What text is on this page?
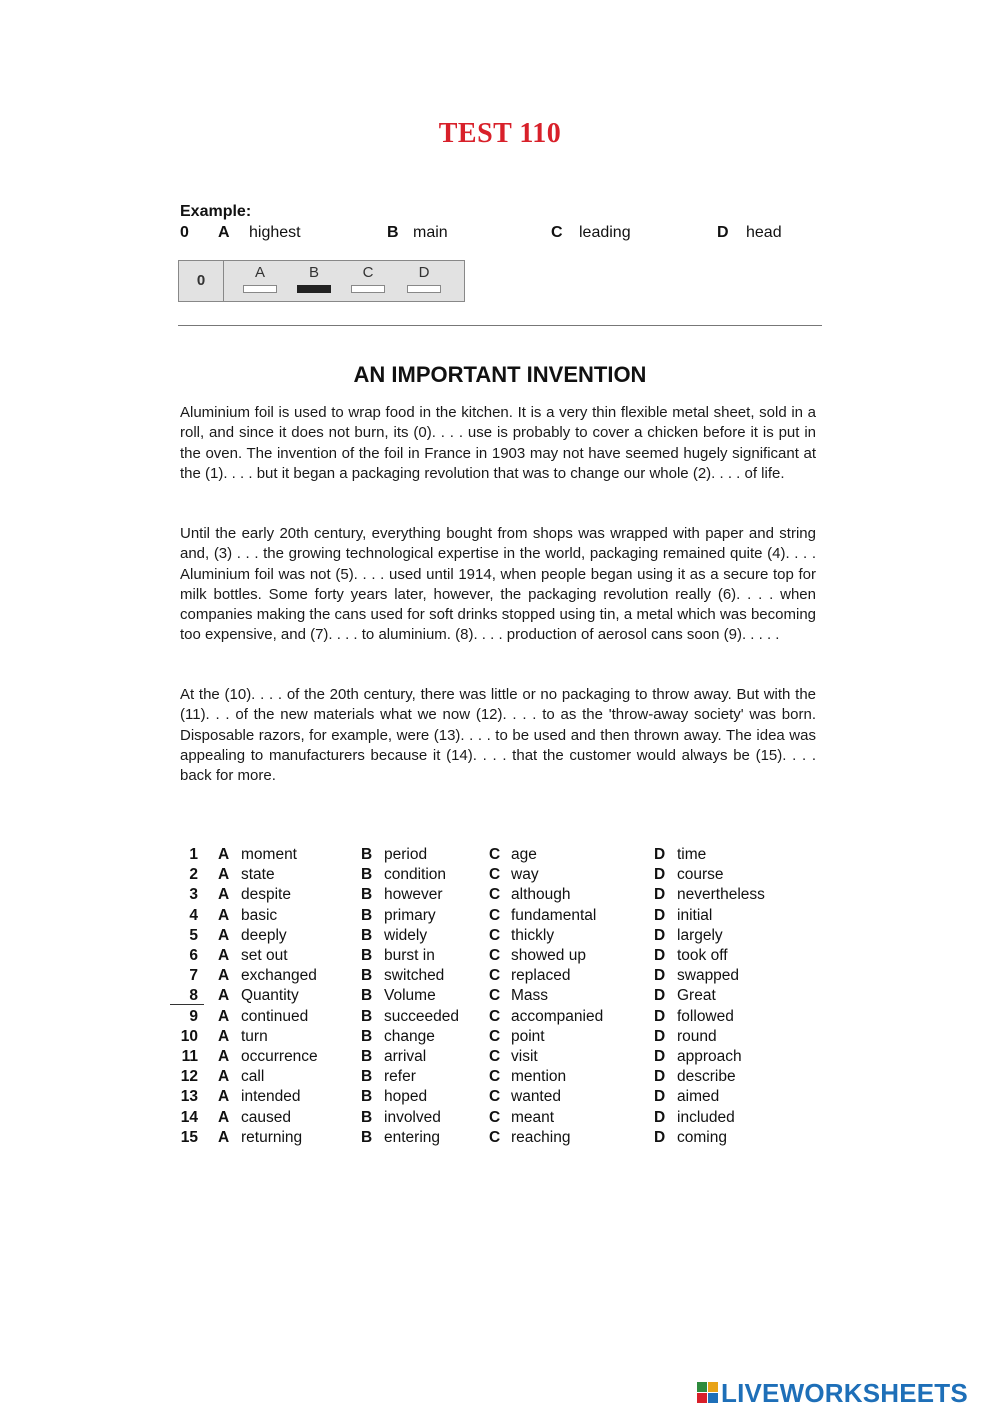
TEST 110
Example:
0 A highest	B main	C leading	D head
0	A	B	C	D
AN IMPORTANT INVENTION

Aluminium foil is used to wrap food in the kitchen. It is a very thin flexible metal sheet, sold in a roll, and since it does not burn, its (0). . . . use is probably to cover a chicken before it is put in the oven. The invention of the foil in France in 1903 may not have seemed hugely significant at the (1). . . . but it began a packaging revolution that was to change our whole (2). . . . of life.

Until the early 20th century, everything bought from shops was wrapped with paper and string and, (3) . . . the growing technological expertise in the world, packaging remained quite (4). . . . Aluminium foil was not (5). . . . used until 1914, when people began using it as a secure top for milk bottles. Some forty years later, however, the packaging revolution really (6). . . . when companies making the cans used for soft drinks stopped using tin, a metal which was becoming too expensive, and (7). . . . to aluminium. (8). . . . production of aerosol cans soon (9). . . . .

At the (10). . . . of the 20th century, there was little or no packaging to throw away. But with the (11). . . of the new materials what we now (12). . . . to as the 'throw-away society' was born. Disposable razors, for example, were (13). . . . to be used and then thrown away. The idea was appealing to manufacturers because it (14). . . . that the customer would always be (15). . . . back for more.

1 A moment	B period	C age	D time
2 A state	B condition	C way	D course
3 A despite	B however	C although	D nevertheless
4 A basic	B primary	C fundamental	D initial
5 A deeply	B widely	C thickly	D largely
6 A set out	B burst in	C showed up	D took off
7 A exchanged	B switched	C replaced	D swapped
8 A Quantity	B Volume	C Mass	D Great
9 A continued	B succeeded C accompanied	D followed
10 A turn	B change	C point	D round
11 A occurrence	B arrival	C visit	D approach
12 A call	B refer	C mention	D describe
13 A intended	B hoped	C wanted	D aimed
14 A caused	B involved	C meant	D included
15 A returning	B entering	C reaching	D coming
LIVEWORKSHEETS
